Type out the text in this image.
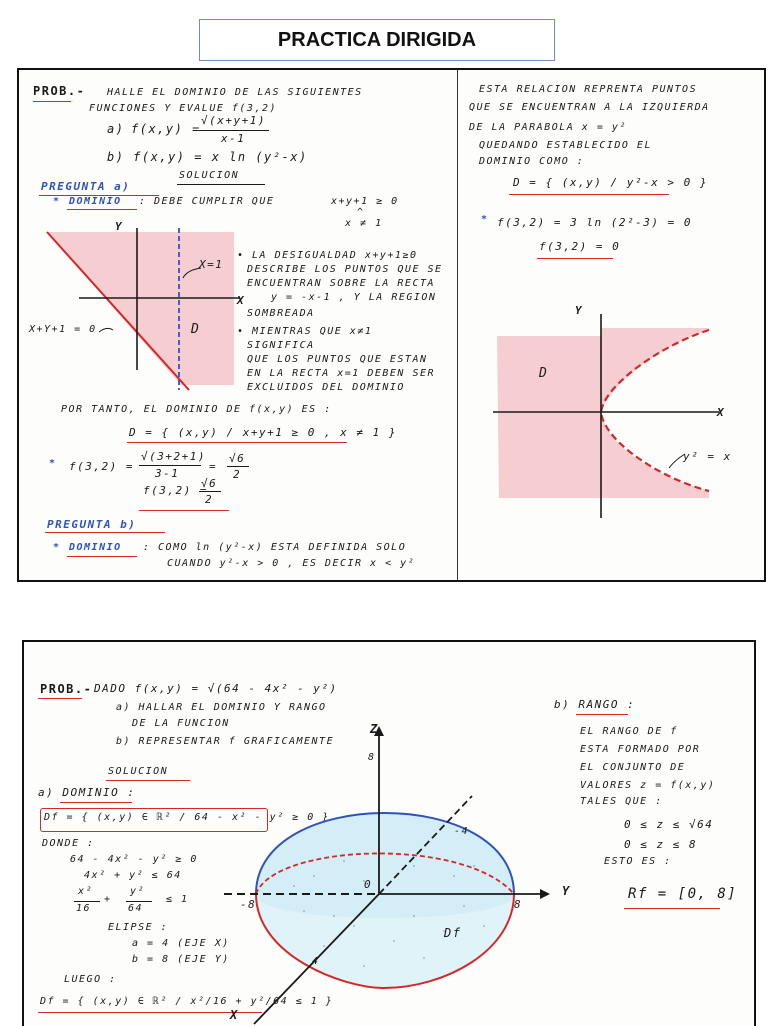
PRACTICA DIRIGIDA
PROB.- HALLE EL DOMINIO DE LAS SIGUIENTES
FUNCIONES Y EVALUE f(3,2)
a) f(x,y) =
√(x+y+1)
x-1
b) f(x,y) = x ln (y²-x)
SOLUCION
PREGUNTA a)
* DOMINIO : DEBE CUMPLIR QUE	x+y+1 ≥ 0
^
x ≠ 1
Y
X
X=1
D
X+Y+1 = 0
• LA DESIGUALDAD x+y+1≥0
DESCRIBE LOS PUNTOS QUE SE
ENCUENTRAN SOBRE LA RECTA
y = -x-1 , Y LA REGION
SOMBREADA
• MIENTRAS QUE x≠1
SIGNIFICA
QUE LOS PUNTOS QUE ESTAN
EN LA RECTA x=1 DEBEN SER
EXCLUIDOS DEL DOMINIO
POR TANTO, EL DOMINIO DE f(x,y) ES :
D = { (x,y) / x+y+1 ≥ 0 , x ≠ 1 }
* f(3,2) =
√(3+2+1)
3-1
=
√6
2
f(3,2) =
√6
2
PREGUNTA b)
* DOMINIO : COMO ln (y²-x) ESTA DEFINIDA SOLO
CUANDO y²-x > 0 , ES DECIR x < y²
ESTA RELACION REPRENTA PUNTOS
QUE SE ENCUENTRAN A LA IZQUIERDA
DE LA PARABOLA x = y²
QUEDANDO ESTABLECIDO EL
DOMINIO COMO :
D = { (x,y) / y²-x > 0 }
* f(3,2) = 3 ln (2²-3) = 0
f(3,2) = 0
Y
X
D
y² = x
PROB.- DADO f(x,y) = √(64 - 4x² - y²)
a) HALLAR EL DOMINIO Y RANGO
DE LA FUNCION
b) REPRESENTAR f GRAFICAMENTE
SOLUCION
a) DOMINIO :
Df = { (x,y) ∈ ℝ² / 64 - x² - y² ≥ 0 }
DONDE :
64 - 4x² - y² ≥ 0
4x² + y² ≤ 64
x²
16
+
y²
64
≤ 1
ELIPSE :
a = 4 (EJE X)
b = 8 (EJE Y)
LUEGO :
Df = { (x,y) ∈ ℝ² / x²/16 + y²/64 ≤ 1 }
b) RANGO :
EL RANGO DE f
ESTA FORMADO POR
EL CONJUNTO DE
VALORES z = f(x,y)
TALES QUE :
0 ≤ z ≤ √64
0 ≤ z ≤ 8
ESTO ES :
Rf = [0, 8]
Z
8
0
-8	8
Y
-4
4
X
Df
